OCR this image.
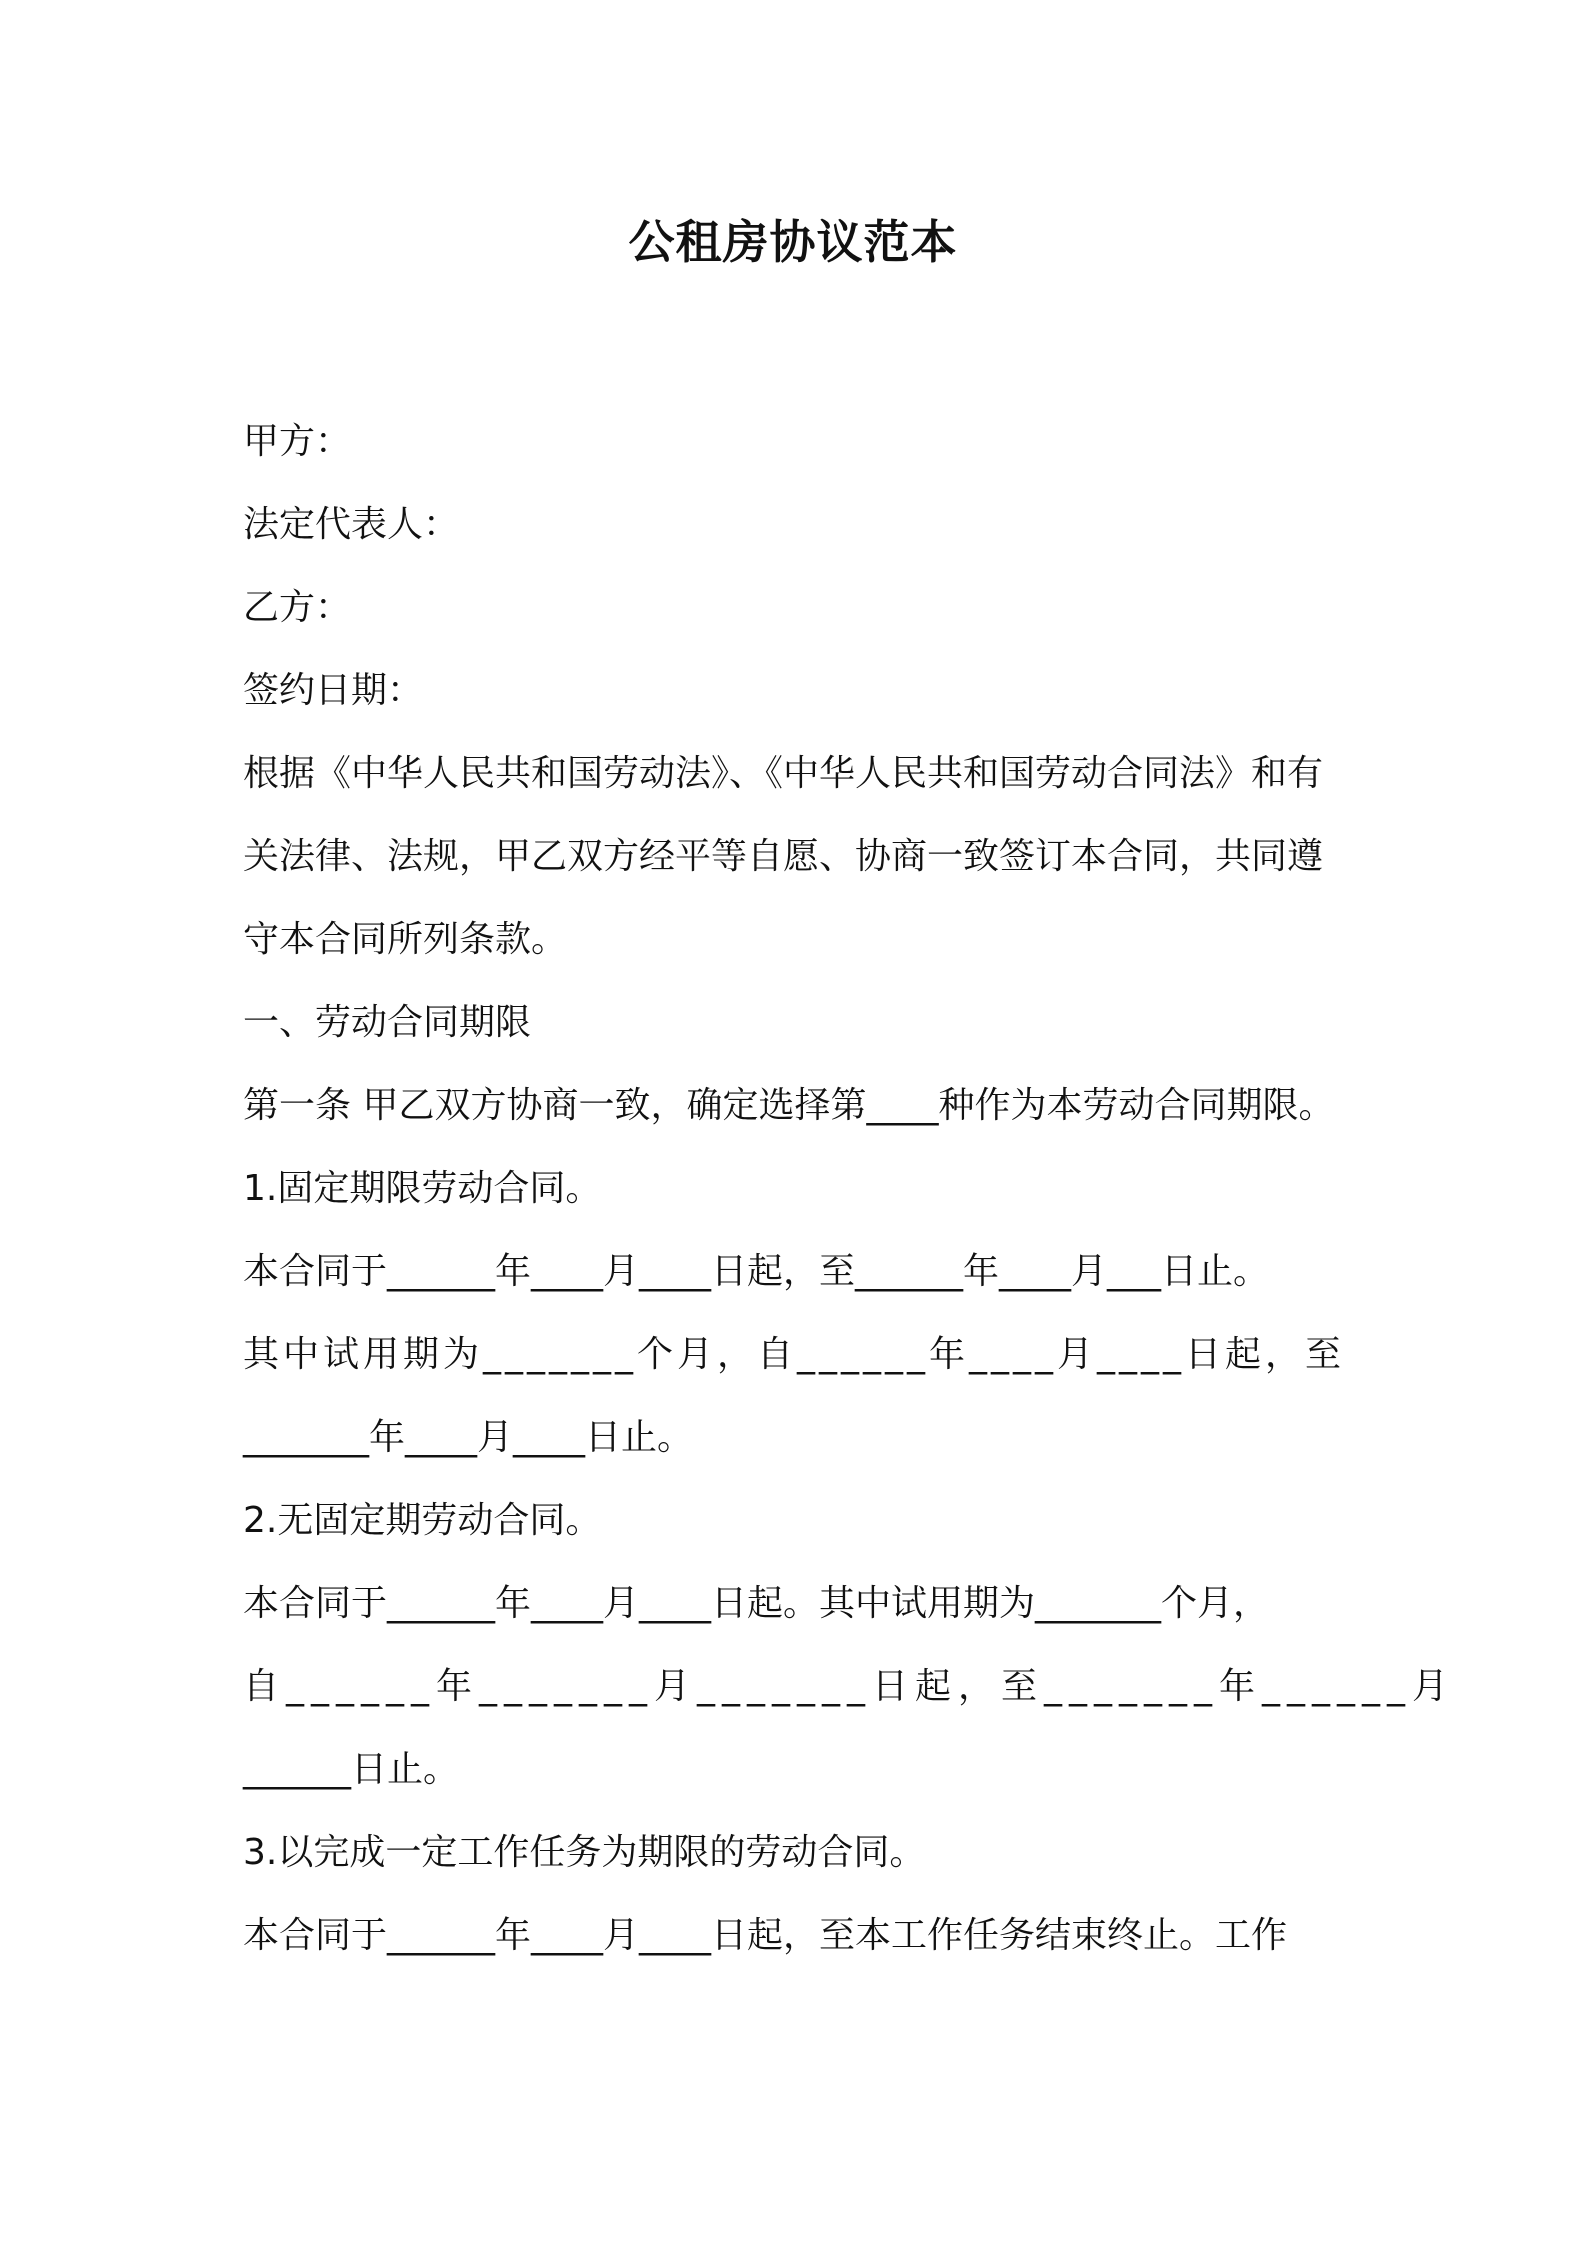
公租房协议范本
甲方：
法定代表人：
乙方：
签约日期：
根据《中华人民共和国劳动法》、《中华人民共和国劳动合同法》和有
关法律、法规，甲乙双方经平等自愿、协商一致签订本合同，共同遵
守本合同所列条款。
一、劳动合同期限
第一条 甲乙双方协商一致，确定选择第____种作为本劳动合同期限。
1.固定期限劳动合同。
本合同于______年____月____日起，至______年____月___日止。
其中试用期为_______个月，自______年____月____日起，至
_______年____月____日止。
2.无固定期劳动合同。
本合同于______年____月____日起。其中试用期为_______个月，
自______年_______月_______日起，至_______年______月
______日止。
3.以完成一定工作任务为期限的劳动合同。
本合同于______年____月____日起，至本工作任务结束终止。工作
